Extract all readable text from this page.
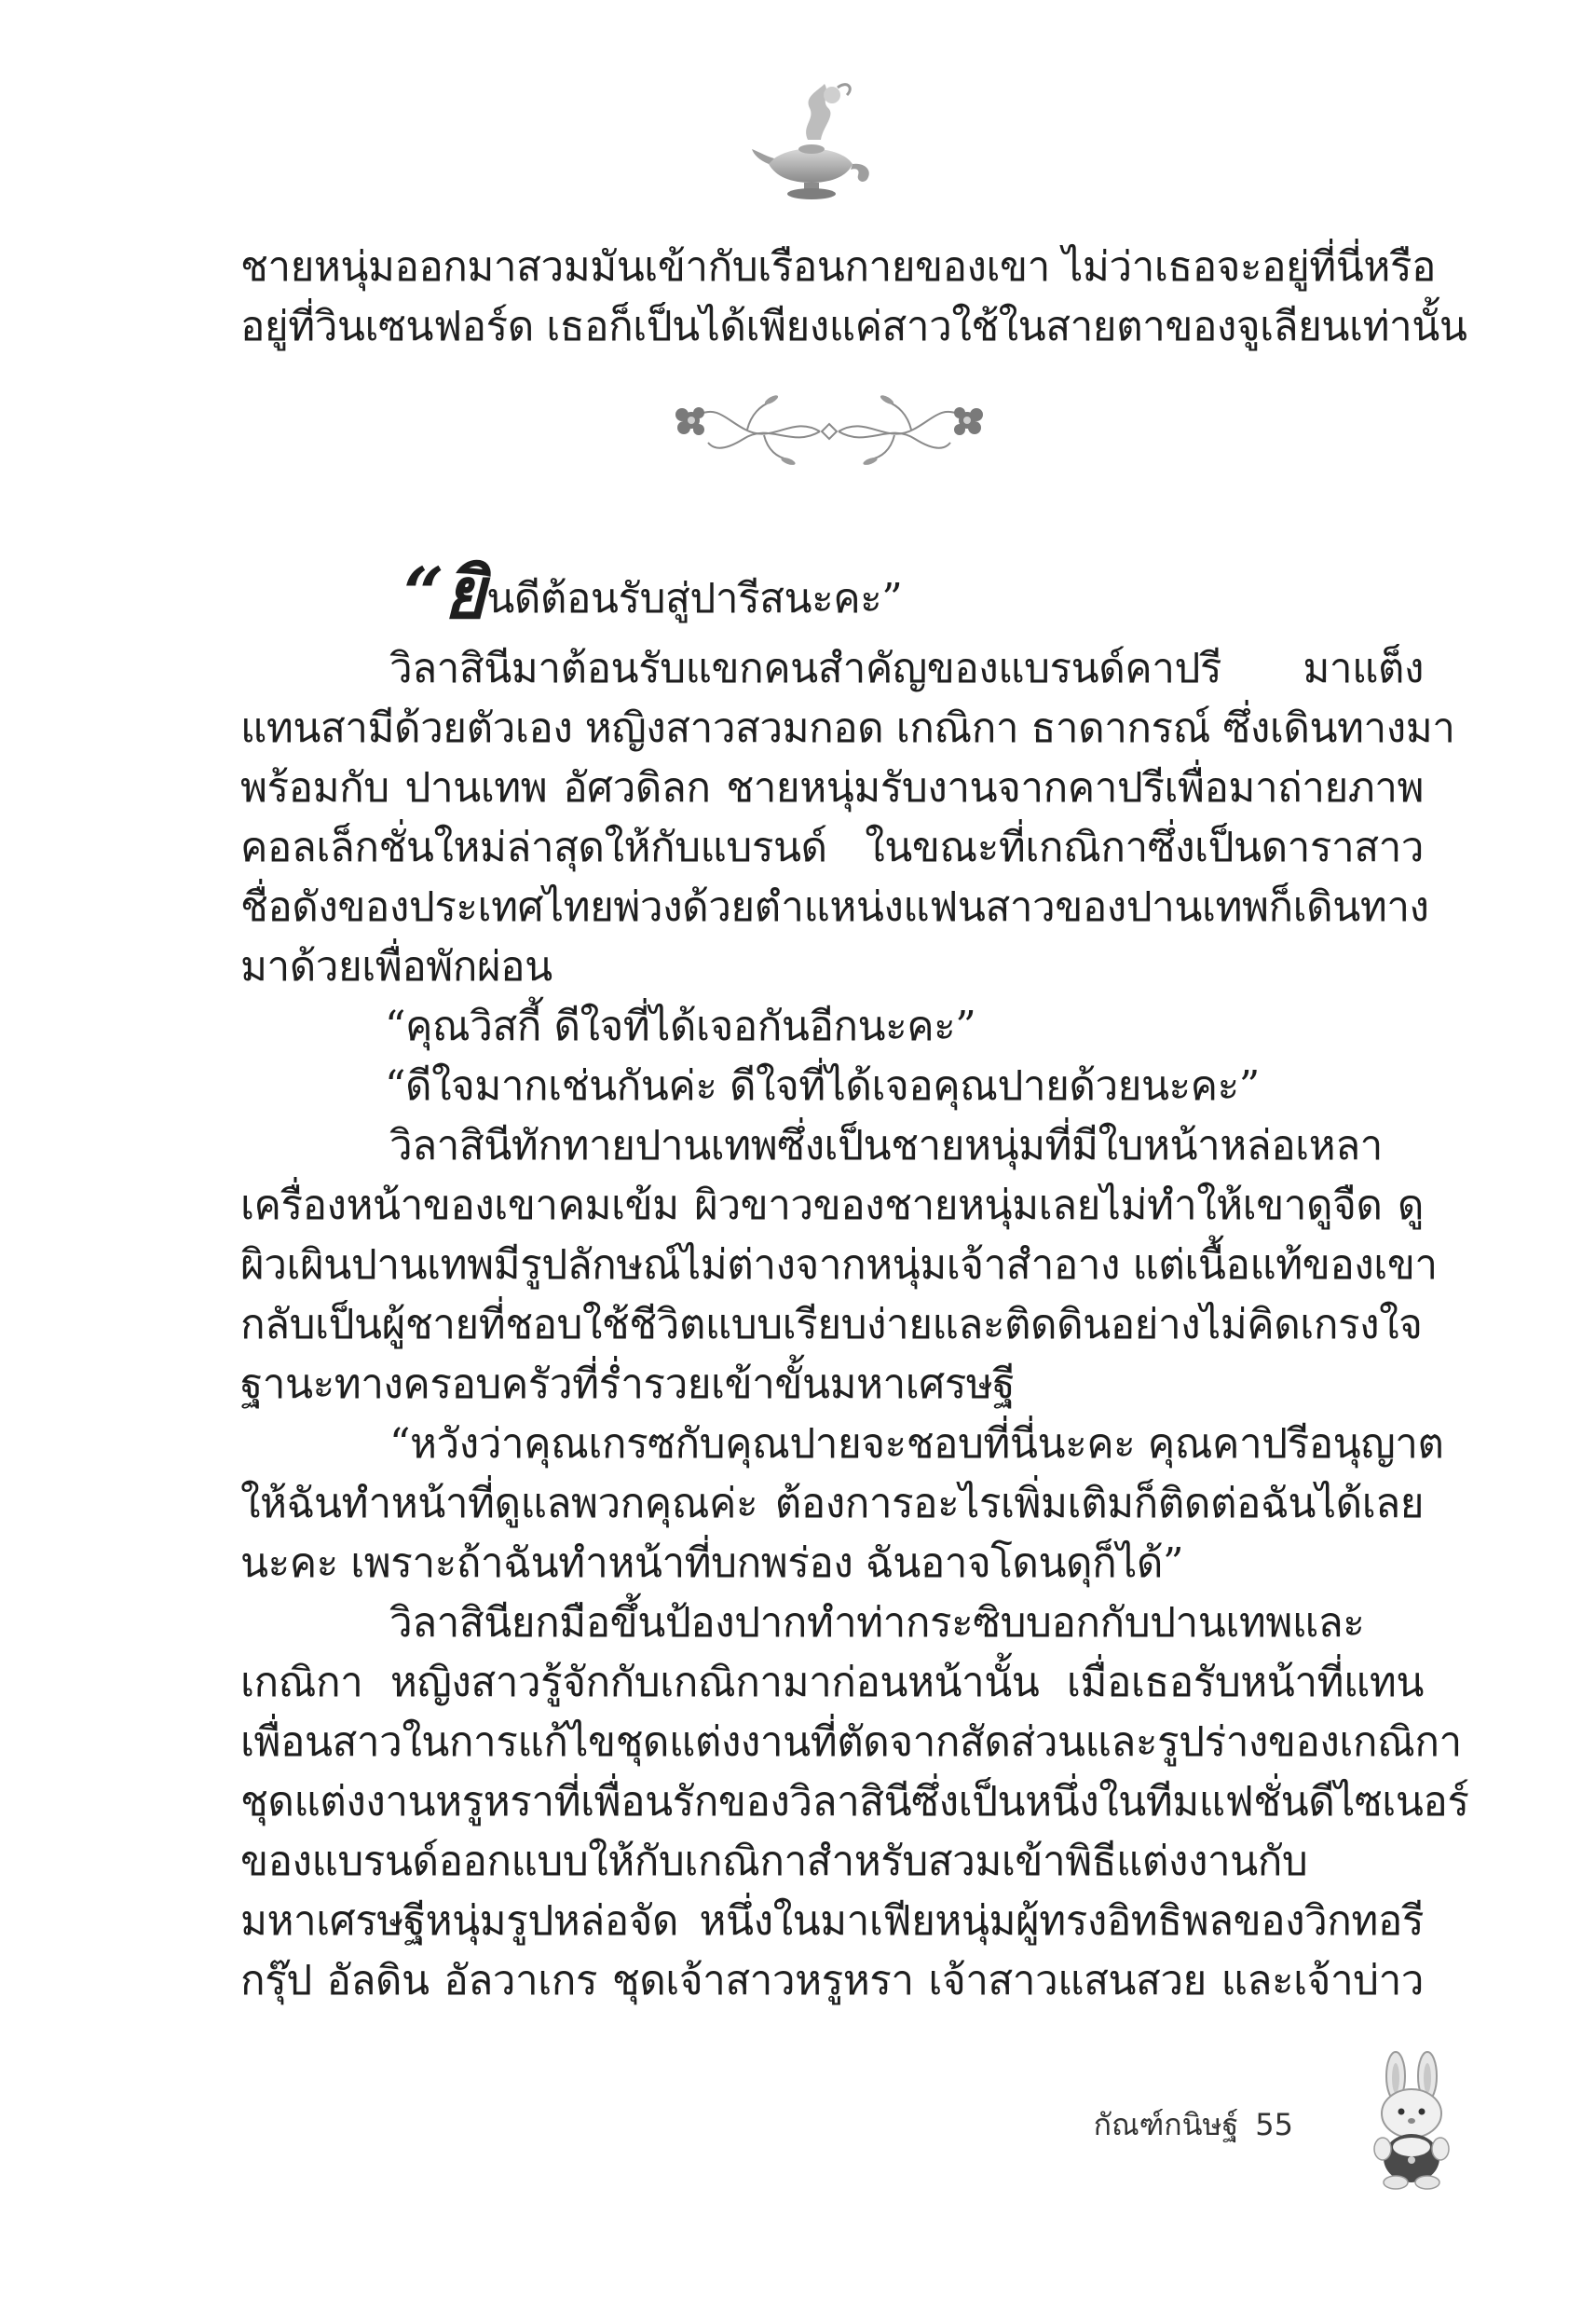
ชายหนุ่มออกมาสวมมันเข้ากับเรือนกายของเขา ไม่ว่าเธอจะอยู่ที่นี่หรือ
อยู่ที่วินเซนฟอร์ด เธอก็เป็นได้เพียงแค่สาวใช้ในสายตาของจูเลียนเท่านั้น
“ยินดีต้อนรับสู่ปารีสนะคะ”
วิลาสินีมาต้อนรับแขกคนสำคัญของแบรนด์คาปรี มาแต็ง
แทนสามีด้วยตัวเอง หญิงสาวสวมกอด เกณิกา ธาดากรณ์ ซึ่งเดินทางมา
พร้อมกับ ปานเทพ อัศวดิลก ชายหนุ่มรับงานจากคาปรีเพื่อมาถ่ายภาพ
คอลเล็กชั่นใหม่ล่าสุดให้กับแบรนด์ ในขณะที่เกณิกาซึ่งเป็นดาราสาว
ชื่อดังของประเทศไทยพ่วงด้วยตำแหน่งแฟนสาวของปานเทพก็เดินทาง
มาด้วยเพื่อพักผ่อน
“คุณวิสกี้ ดีใจที่ได้เจอกันอีกนะคะ”
“ดีใจมากเช่นกันค่ะ ดีใจที่ได้เจอคุณปายด้วยนะคะ”
วิลาสินีทักทายปานเทพซึ่งเป็นชายหนุ่มที่มีใบหน้าหล่อเหลา
เครื่องหน้าของเขาคมเข้ม ผิวขาวของชายหนุ่มเลยไม่ทำให้เขาดูจืด ดู
ผิวเผินปานเทพมีรูปลักษณ์ไม่ต่างจากหนุ่มเจ้าสำอาง แต่เนื้อแท้ของเขา
กลับเป็นผู้ชายที่ชอบใช้ชีวิตแบบเรียบง่ายและติดดินอย่างไม่คิดเกรงใจ
ฐานะทางครอบครัวที่ร่ำรวยเข้าขั้นมหาเศรษฐี
“หวังว่าคุณเกรซกับคุณปายจะชอบที่นี่นะคะ คุณคาปรีอนุญาต
ให้ฉันทำหน้าที่ดูแลพวกคุณค่ะ ต้องการอะไรเพิ่มเติมก็ติดต่อฉันได้เลย
นะคะ เพราะถ้าฉันทำหน้าที่บกพร่อง ฉันอาจโดนดุก็ได้”
วิลาสินียกมือขึ้นป้องปากทำท่ากระซิบบอกกับปานเทพและ
เกณิกา หญิงสาวรู้จักกับเกณิกามาก่อนหน้านั้น เมื่อเธอรับหน้าที่แทน
เพื่อนสาวในการแก้ไขชุดแต่งงานที่ตัดจากสัดส่วนและรูปร่างของเกณิกา
ชุดแต่งงานหรูหราที่เพื่อนรักของวิลาสินีซึ่งเป็นหนึ่งในทีมแฟชั่นดีไซเนอร์
ของแบรนด์ออกแบบให้กับเกณิกาสำหรับสวมเข้าพิธีแต่งงานกับ
มหาเศรษฐีหนุ่มรูปหล่อจัด หนึ่งในมาเฟียหนุ่มผู้ทรงอิทธิพลของวิกทอรี
กรุ๊ป อัลดิน อัลวาเกร ชุดเจ้าสาวหรูหรา เจ้าสาวแสนสวย และเจ้าบ่าว
กัณฑ์กนิษฐ์ 55
